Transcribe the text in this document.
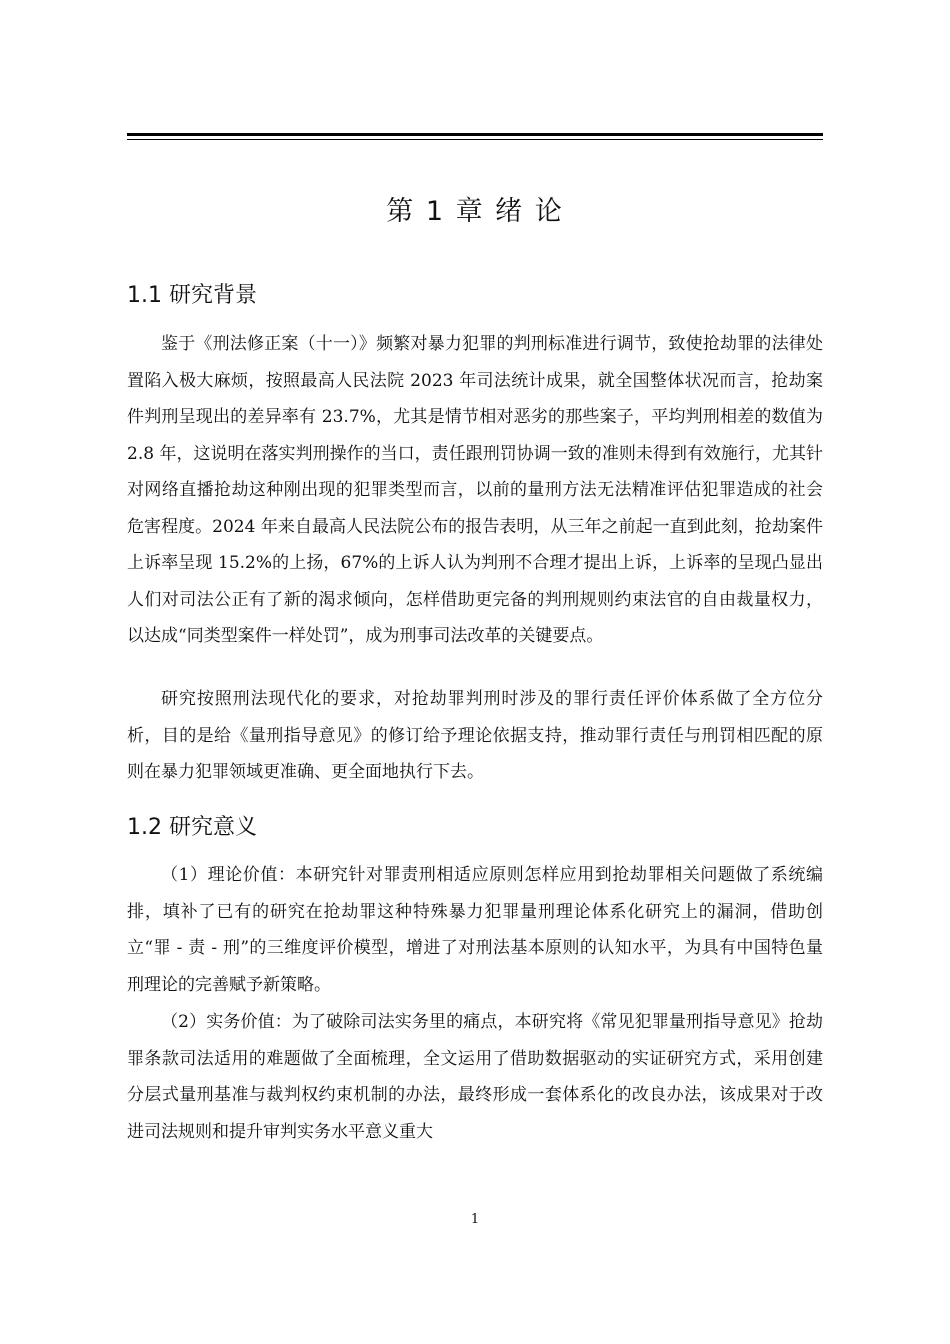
第 1 章 绪 论
1.1 研究背景

鉴于《刑法修正案（十一）》频繁对暴力犯罪的判刑标准进行调节，致使抢劫罪的法律处置陷入极大麻烦，按照最高人民法院 2023 年司法统计成果，就全国整体状况而言，抢劫案件判刑呈现出的差异率有 23.7%，尤其是情节相对恶劣的那些案子，平均判刑相差的数值为 2.8 年，这说明在落实判刑操作的当口，责任跟刑罚协调一致的准则未得到有效施行，尤其针对网络直播抢劫这种刚出现的犯罪类型而言，以前的量刑方法无法精准评估犯罪造成的社会危害程度。2024 年来自最高人民法院公布的报告表明，从三年之前起一直到此刻，抢劫案件上诉率呈现 15.2%的上扬，67%的上诉人认为判刑不合理才提出上诉，上诉率的呈现凸显出人们对司法公正有了新的渴求倾向，怎样借助更完备的判刑规则约束法官的自由裁量权力，以达成“同类型案件一样处罚”，成为刑事司法改革的关键要点。

研究按照刑法现代化的要求，对抢劫罪判刑时涉及的罪行责任评价体系做了全方位分析，目的是给《量刑指导意见》的修订给予理论依据支持，推动罪行责任与刑罚相匹配的原则在暴力犯罪领域更准确、更全面地执行下去。

1.2 研究意义

（1）理论价值：本研究针对罪责刑相适应原则怎样应用到抢劫罪相关问题做了系统编排，填补了已有的研究在抢劫罪这种特殊暴力犯罪量刑理论体系化研究上的漏洞，借助创立“罪 - 责 - 刑”的三维度评价模型，增进了对刑法基本原则的认知水平，为具有中国特色量刑理论的完善赋予新策略。

（2）实务价值：为了破除司法实务里的痛点，本研究将《常见犯罪量刑指导意见》抢劫罪条款司法适用的难题做了全面梳理，全文运用了借助数据驱动的实证研究方式，采用创建分层式量刑基准与裁判权约束机制的办法，最终形成一套体系化的改良办法，该成果对于改进司法规则和提升审判实务水平意义重大

1
